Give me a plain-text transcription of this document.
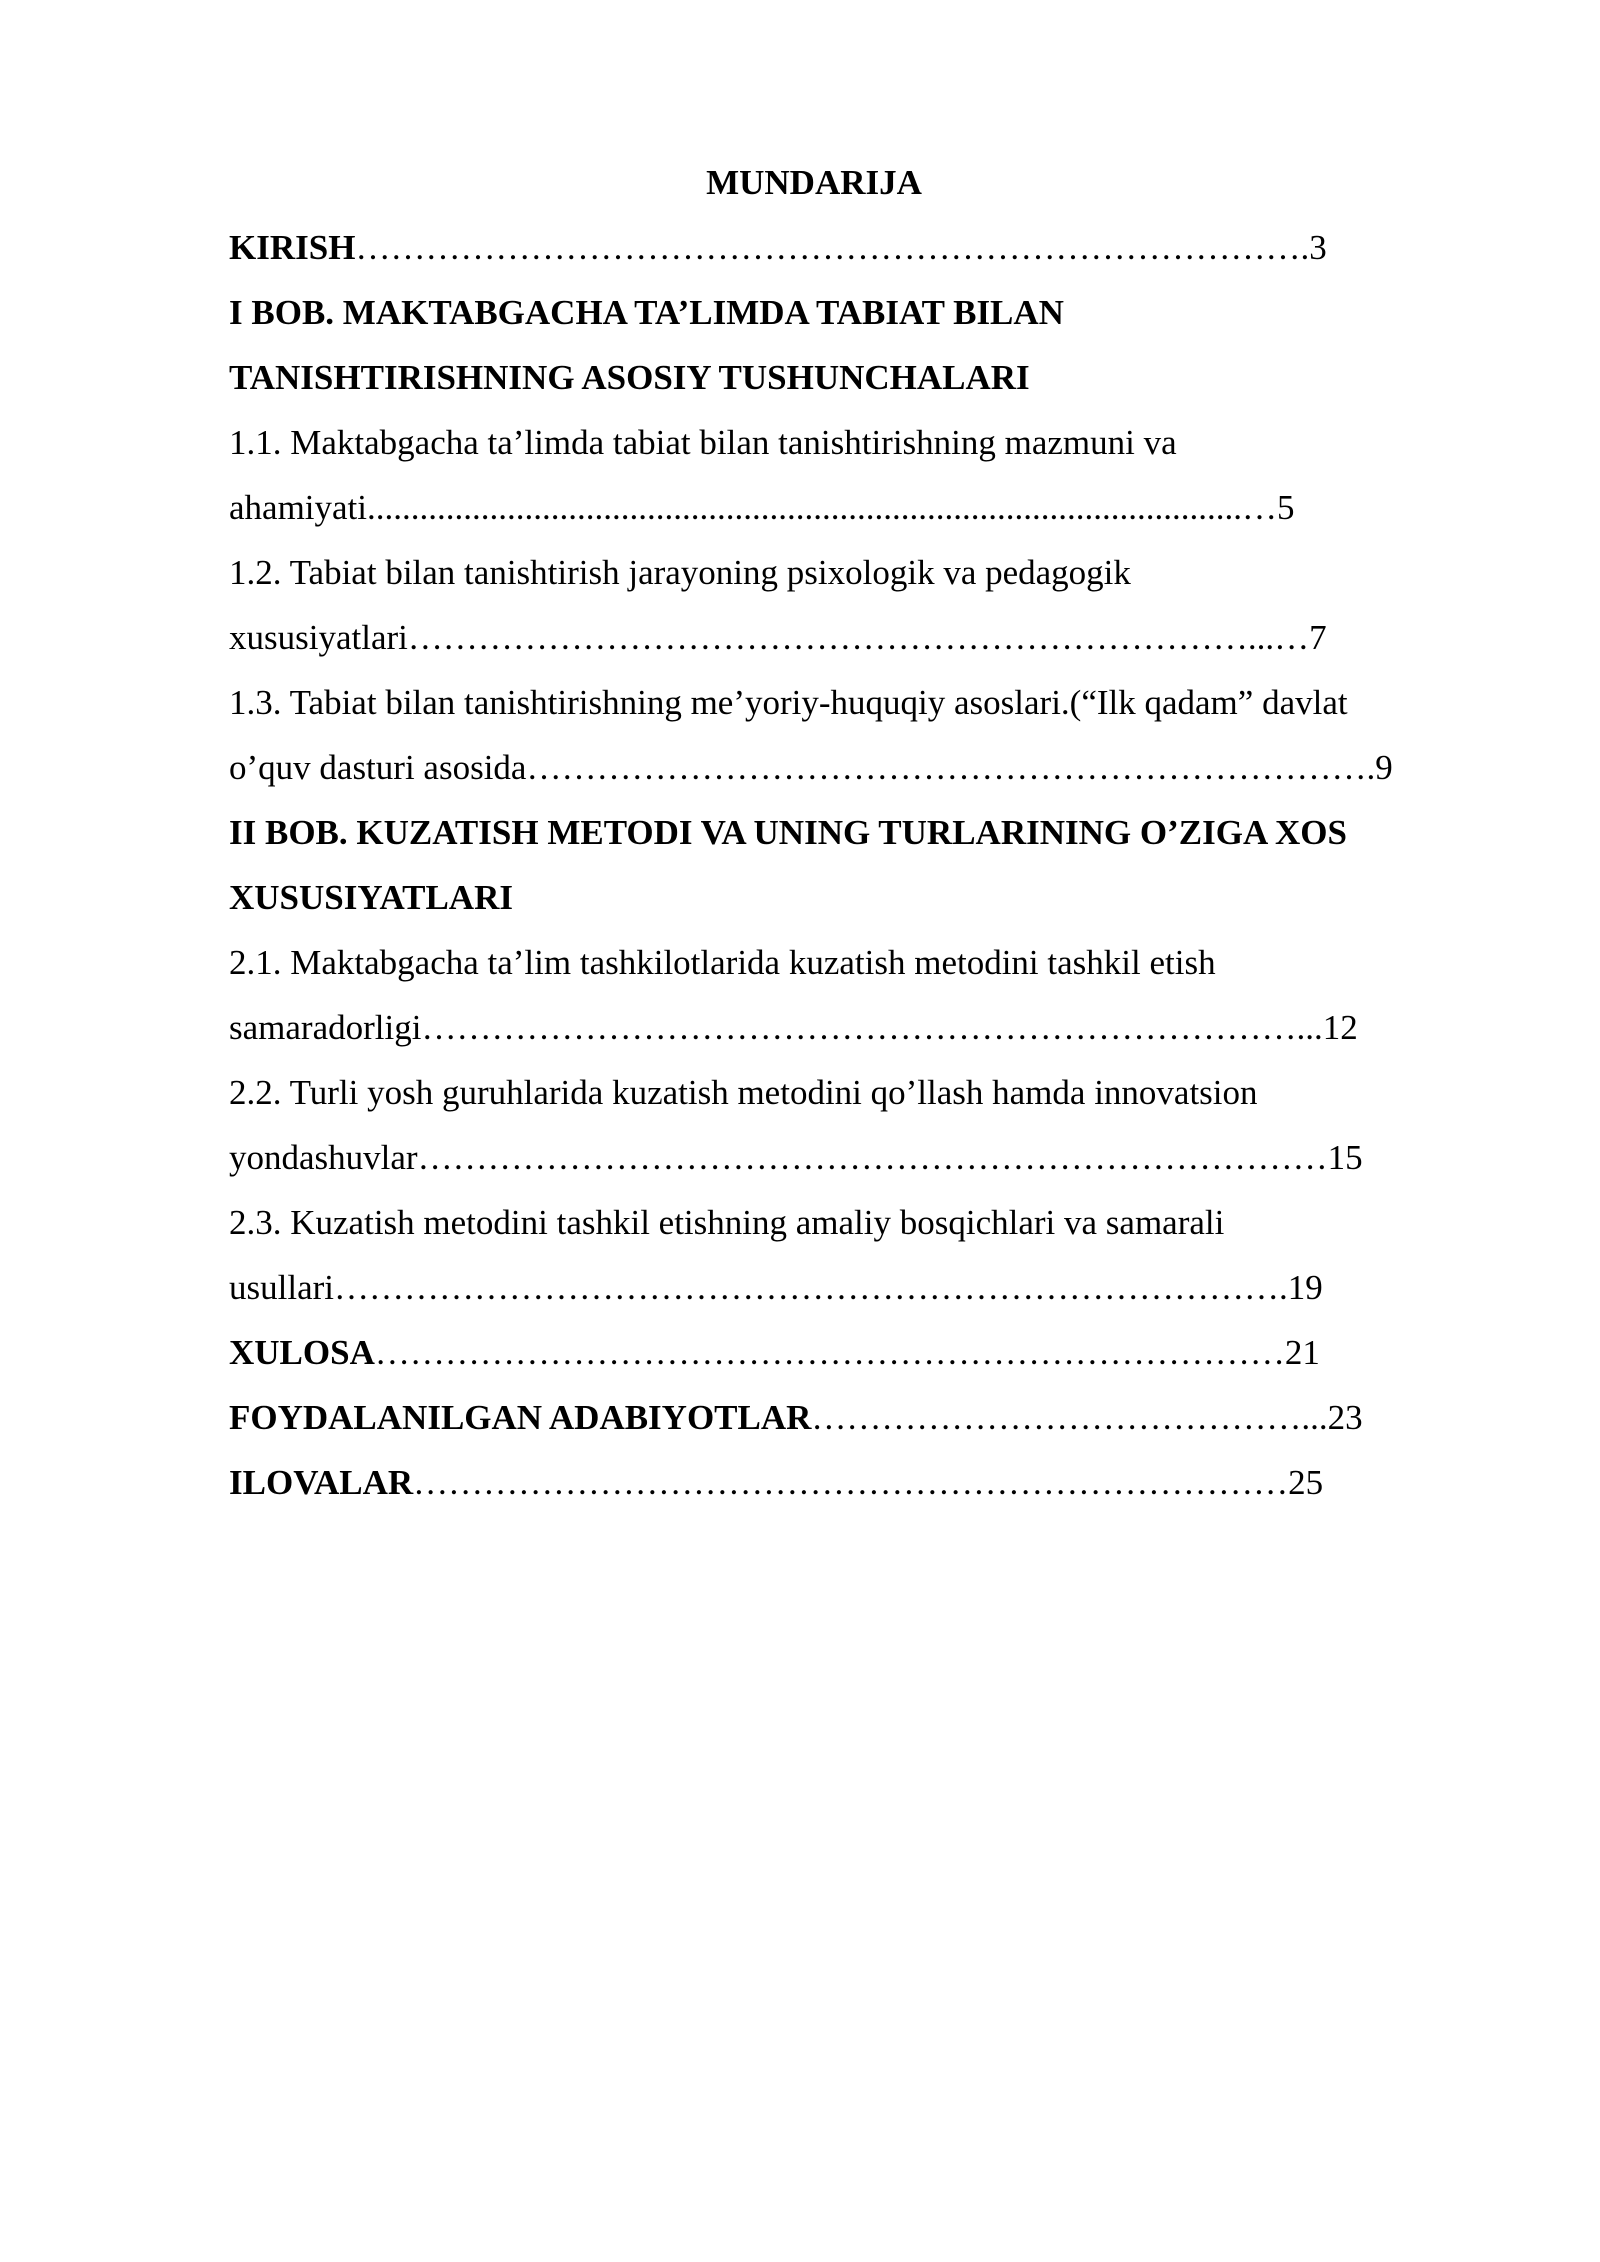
MUNDARIJA
KIRISH……………………………………………………………………….3
I BOB. MAKTABGACHA TA’LIMDA TABIAT BILAN
TANISHTIRISHNING ASOSIY TUSHUNCHALARI
1.1. Maktabgacha ta’limda tabiat bilan tanishtirishning mazmuni va
ahamiyati....................................................................................................…5
1.2. Tabiat bilan tanishtirish jarayoning psixologik va pedagogik
xususiyatlari………………………………………………………………...…7
1.3. Tabiat bilan tanishtirishning me’yoriy-huquqiy asoslari.(“Ilk qadam” davlat
o’quv dasturi asosida……………………………………………………………….9
II BOB. KUZATISH METODI VA UNING TURLARINING O’ZIGA XOS
XUSUSIYATLARI
2.1. Maktabgacha ta’lim tashkilotlarida kuzatish metodini tashkil etish
samaradorligi…………………………………………………………………...12
2.2. Turli yosh guruhlarida kuzatish metodini qo’llash hamda innovatsion
yondashuvlar……………………………………………………………………15
2.3. Kuzatish metodini tashkil etishning amaliy bosqichlari va samarali
usullari……………………………………………………………………….19
XULOSA……………………………………………………………………21
FOYDALANILGAN ADABIYOTLAR……………………………………...23
ILOVALAR…………………………………………………………………25
